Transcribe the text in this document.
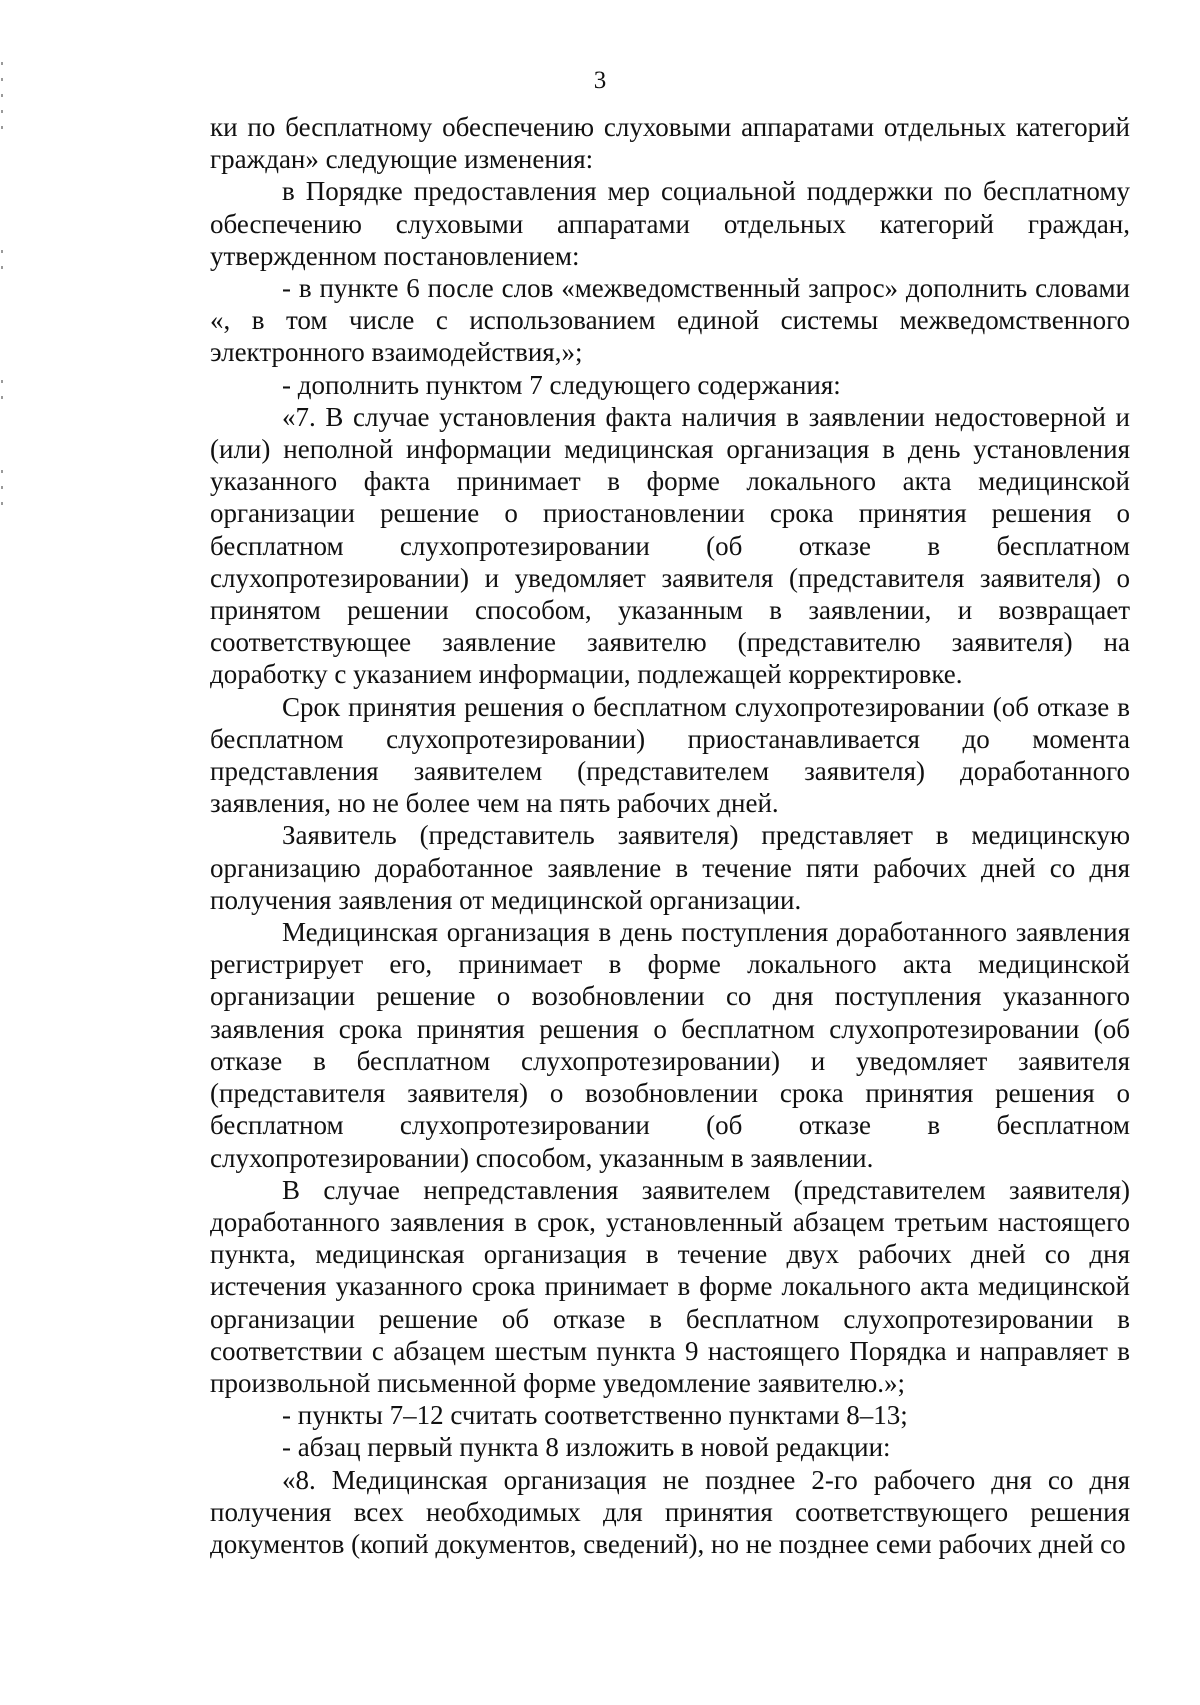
3

ки по бесплатному обеспечению слуховыми аппаратами отдельных категорий граждан» следующие изменения:

в Порядке предоставления мер социальной поддержки по бесплатному обеспечению слуховыми аппаратами отдельных категорий граждан, утвержденном постановлением:

- в пункте 6 после слов «межведомственный запрос» дополнить словами «, в том числе с использованием единой системы межведомственного электронного взаимодействия,»;

- дополнить пунктом 7 следующего содержания:

«7. В случае установления факта наличия в заявлении недостоверной и (или) неполной информации медицинская организация в день установления указанного факта принимает в форме локального акта медицинской организации решение о приостановлении срока принятия решения о бесплатном слухопротезировании (об отказе в бесплатном слухопротезировании) и уведомляет заявителя (представителя заявителя) о принятом решении способом, указанным в заявлении, и возвращает соответствующее заявление заявителю (представителю заявителя) на доработку с указанием информации, подлежащей корректировке.

Срок принятия решения о бесплатном слухопротезировании (об отказе в бесплатном слухопротезировании) приостанавливается до момента представления заявителем (представителем заявителя) доработанного заявления, но не более чем на пять рабочих дней.

Заявитель (представитель заявителя) представляет в медицинскую организацию доработанное заявление в течение пяти рабочих дней со дня получения заявления от медицинской организации.

Медицинская организация в день поступления доработанного заявления регистрирует его, принимает в форме локального акта медицинской организации решение о возобновлении со дня поступления указанного заявления срока принятия решения о бесплатном слухопротезировании (об отказе в бесплатном слухопротезировании) и уведомляет заявителя (представителя заявителя) о возобновлении срока принятия решения о бесплатном слухопротезировании (об отказе в бесплатном слухопротезировании) способом, указанным в заявлении.

В случае непредставления заявителем (представителем заявителя) доработанного заявления в срок, установленный абзацем третьим настоящего пункта, медицинская организация в течение двух рабочих дней со дня истечения указанного срока принимает в форме локального акта медицинской организации решение об отказе в бесплатном слухопротезировании в соответствии с абзацем шестым пункта 9 настоящего Порядка и направляет в произвольной письменной форме уведомление заявителю.»;

- пункты 7–12 считать соответственно пунктами 8–13;

- абзац первый пункта 8 изложить в новой редакции:

«8. Медицинская организация не позднее 2-го рабочего дня со дня получения всех необходимых для принятия соответствующего решения документов (копий документов, сведений), но не позднее семи рабочих дней со
